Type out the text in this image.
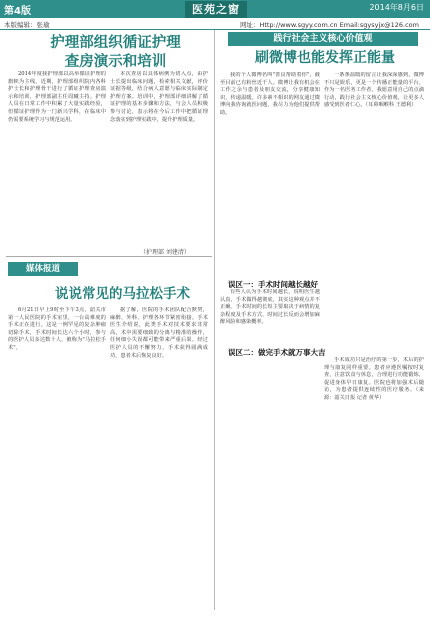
第4版	医苑之窗	2014年8月6日
本版编辑：张瑜	网址：Http://www.sgyy.com.cn Email:sgysyjx@126.com
护理部组织循证护理
查房演示和培训

2014年度我护理部以高举循证护理的旗帜为主线，近期，护理部组织院内各科护士长和护理骨干进行了循证护理查房演示和培训，护理部副主任周曦主持。护理人员在日常工作中积累了大量实践经验，但循证护理作为一门新兴学科，在临床中仍需要系统学习与规范运用。

本次查房以具体病例为切入点，由护士长提出临床问题，检索相关文献，评价证据等级，结合病人意愿与临床实际制定护理方案。培训中，护理部详细讲解了循证护理的基本步骤和方法，与会人员积极参与讨论，表示将在今后工作中把循证理念落实到护理实践中，提升护理质量。

（护理部 刘建清）
践行社会主义核心价值观
刷微博也能发挥正能量

我的个人微博名叫"善良帮助着你"，截至目前已有粉丝近千人。微博让我有机会在工作之余与患者及朋友交流，分享健康知识，传递温暖。许多素不相识的网友通过微博向我咨询就医问题，我尽力为他们提供帮助。

一条条温暖的留言让我深深感到，微博不只是娱乐，更是一个传播正能量的平台。作为一名医务工作者，我愿意用自己的点滴行动，践行社会主义核心价值观，让更多人感受到医者仁心。（耳鼻咽喉科 王德利）

媒体报道
说说常见的马拉松手术

6月21日早上9时至下午3点，韶关市第一人民医院的手术室里，一台高难度的手术正在进行。这是一例罕见的复杂肿瘤切除手术，手术时间长达六个小时，参与的医护人员多达数十人，被称为"马拉松手术"。

据了解，医院的手术团队配合默契，麻醉、外科、护理各环节紧密衔接。手术医生介绍说，此类手术对技术要求非常高，术中需要细致的分离与精准的操作，任何细小失误都可能带来严重后果。经过医护人员的不懈努力，手术获得圆满成功，患者术后恢复良好。

误区一：手术时间越长越好

有些人认为手术时间越长，说明医生越认真，手术做得越彻底，其实这种观点并不正确。手术时间的长短主要取决于病情的复杂程度及手术方式，时间过长反而会增加麻醉风险和感染概率。

误区二：做完手术就万事大吉

手术成功只是治疗的第一步，术后的护理与康复同样重要。患者应遵医嘱按时复查，注意饮食与休息，合理进行功能锻炼，促进身体早日康复。医院也将加强术后随访，为患者提供连续性的医疗服务。（来源：韶关日报 记者 黄华）
